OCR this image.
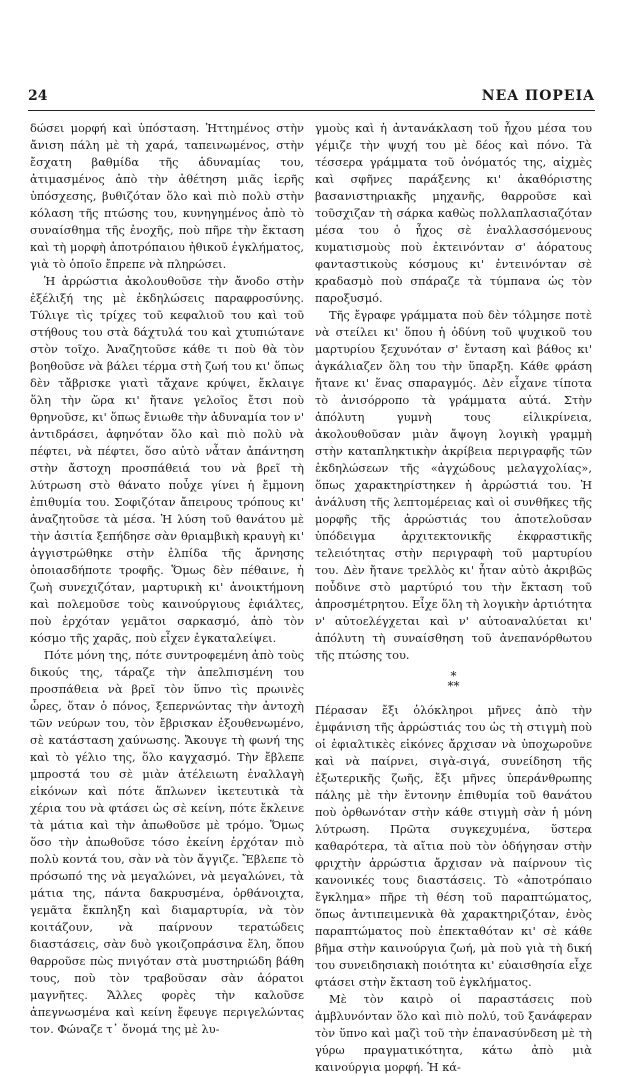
24	ΝΕΑ ΠΟΡΕΙΑ

δώσει μορφή καὶ ὑπόσταση. Ἡττημένος στὴν ἄνιση πάλη μὲ τὴ χαρά, ταπεινωμένος, στὴν ἔσχατη βαθμίδα τῆς ἀδυναμίας του, ἀτιμασμένος ἀπὸ τὴν ἀθέτηση μιᾶς ἱερῆς ὑπόσχεσης, βυθιζόταν ὅλο καὶ πιὸ πολὺ στὴν κόλαση τῆς πτώσης του, κυνηγημένος ἀπὸ τὸ συναίσθημα τῆς ἐνοχῆς, ποὺ πῆρε τὴν ἔκταση καὶ τὴ μορφὴ ἀποτρόπαιου ἠθικοῦ ἐγκλήματος, γιὰ τὸ ὁποῖο ἔπρεπε νὰ πληρώσει.

Ἡ ἀρρώστια ἀκολουθοῦσε τὴν ἄνοδο στὴν ἐξέλιξή της μὲ ἐκδηλώσεις παραφροσύνης. Τύλιγε τὶς τρίχες τοῦ κεφαλιοῦ του καὶ τοῦ στήθους του στὰ δάχτυλά του καὶ χτυπιώτανε στὸν τοῖχο. Ἀναζητοῦσε κάθε τι ποὺ θὰ τὸν βοηθοῦσε νὰ βάλει τέρμα στὴ ζωή του κι' ὅπως δὲν τἄβρισκε γιατὶ τἄχανε κρύψει, ἔκλαιγε ὅλη τὴν ὥρα κι' ἤτανε γελοῖος ἔτσι ποὺ θρηνοῦσε, κι' ὅπως ἔνιωθε τὴν ἀδυναμία τον ν' ἀντιδράσει, ἀφηνόταν ὅλο καὶ πιὸ πολὺ νὰ πέφτει, νὰ πέφτει, ὅσο αὐτὸ νἆταν ἀπάντηση στὴν ἄστοχη προσπάθειά του νὰ βρεῖ τὴ λύτρωση στὸ θάνατο ποὖχε γίνει ἡ ἔμμονη ἐπιθυμία του. Σοφιζόταν ἄπειρους τρόπους κι' ἀναζητοῦσε τὰ μέσα. Ἡ λύση τοῦ θανάτου μὲ τὴν ἀσιτία ξεπήδησε σὰν θριαμβικὴ κραυγὴ κι' ἀγγιστρώθηκε στὴν ἐλπίδα τῆς ἄρνησης ὁποιασδήποτε τροφῆς. Ὅμως δὲν πέθαινε, ἡ ζωὴ συνεχιζόταν, μαρτυρικὴ κι' ἀνοικτήμονη καὶ πολεμοῦσε τοὺς καινούργιους ἐφιάλτες, ποὺ ἐρχόταν γεμᾶτοι σαρκασμό, ἀπὸ τὸν κόσμο τῆς χαρᾶς, ποὺ εἶχεν ἐγκαταλείψει.

Πότε μόνη της, πότε συντροφεμένη ἀπὸ τοὺς δικούς της, τάραζε τὴν ἀπελπισμένη του προσπάθεια νὰ βρεῖ τὸν ὕπνο τὶς πρωινὲς ὧρες, ὅταν ὁ πόνος, ξεπερνώντας τὴν ἀντοχὴ τῶν νεύρων του, τὸν ἔβρισκαν ἐξουθενωμένο, σὲ κατάσταση χαύνωσης. Ἄκουγε τὴ φωνή της καὶ τὸ γέλιο της, ὅλο καγχασμό. Τὴν ἔβλεπε μπροστά του σὲ μιὰν ἀτέλειωτη ἐναλλαγὴ εἰκόνων καὶ πότε ἅπλωνεν ἱκετευτικὰ τὰ χέρια του νὰ φτάσει ὡς σὲ κείνη, πότε ἔκλεινε τὰ μάτια καὶ τὴν ἀπωθοῦσε μὲ τρόμο. Ὅμως ὅσο τὴν ἀπωθοῦσε τόσο ἐκείνη ἐρχόταν πιὸ πολὺ κοντά του, σὰν νὰ τὸν ἄγγιζε. Ἔβλεπε τὸ πρόσωπό της νὰ μεγαλώνει, νὰ μεγαλώνει, τὰ μάτια της, πάντα δακρυσμένα, ὀρθάνοιχτα, γεμᾶτα ἔκπληξη καὶ διαμαρτυρία, νὰ τὸν κοιτάζουν, νὰ παίρνουν τερατώδεις διαστάσεις, σὰν δυὸ γκοιζοπράσινα ἕλη, ὅπου θαρροῦσε πὼς πνιγόταν στὰ μυστηριώδη βάθη τους, ποὺ τὸν τραβοῦσαν σὰν ἀόρατοι μαγνῆτες. Ἄλλες φορὲς τὴν καλοῦσε ἀπεγνωσμένα καὶ κείνη ἔφευγε περιγελώντας τον. Φώναζε τ᾽ ὄνομά της μὲ λυ-

γμοὺς καὶ ἡ ἀντανάκλαση τοῦ ἦχου μέσα του γέμιζε τὴν ψυχή του μὲ δέος καὶ πόνο. Τὰ τέσσερα γράμματα τοῦ ὀνόματός της, αἰχμὲς καὶ σφῆνες παράξενης κι' ἀκαθόριστης βασανιστηριακῆς μηχανῆς, θαρροῦσε καὶ τοῦσχιζαν τὴ σάρκα καθὼς πολλαπλασιαζόταν μέσα του ὁ ἦχος σὲ ἐναλλασσόμενους κυματισμοὺς ποὺ ἐκτεινόνταν σ' ἀόρατους φανταστικοὺς κόσμους κι' ἐντεινόνταν σὲ κραδασμὸ ποὺ σπάραζε τὰ τύμπανα ὡς τὸν παροξυσμό.

Τῆς ἔγραφε γράμματα ποὺ δὲν τόλμησε ποτὲ νὰ στείλει κι' ὅπου ἡ ὀδύνη τοῦ ψυχικοῦ του μαρτυρίου ξεχυνόταν σ' ἔνταση καὶ βάθος κι' ἀγκάλιαζεν ὅλη του τὴν ὕπαρξη. Κάθε φράση ἤτανε κι' ἕνας σπαραγμός. Δὲν εἶχανε τίποτα τὸ ἀνισόρροπο τὰ γράμματα αὐτά. Στὴν ἀπόλυτη γυμνὴ τους εἰλικρίνεια, ἀκολουθοῦσαν μιὰν ἄψογη λογικὴ γραμμὴ στὴν καταπληκτικὴν ἀκρίβεια περιγραφῆς τῶν ἐκδηλώσεων τῆς «ἀγχώδους μελαγχολίας», ὅπως χαρακτηρίστηκεν ἡ ἀρρώστιά του. Ἡ ἀνάλυση τῆς λεπτομέρειας καὶ οἱ συνθῆκες τῆς μορφῆς τῆς ἀρρώστιάς του ἀποτελοῦσαν ὑπόδειγμα ἀρχιτεκτονικῆς ἐκφραστικῆς τελειότητας στὴν περιγραφὴ τοῦ μαρτυρίου του. Δὲν ἤτανε τρελλὸς κι' ἦταν αὐτὸ ἀκριβῶς ποὖδινε στὸ μαρτύριό του τὴν ἔκταση τοῦ ἀπροσμέτρητου. Εἶχε ὅλη τὴ λογικὴν ἀρτιότητα ν' αὐτοελέγχεται καὶ ν' αὐτοαναλύεται κι' ἀπόλυτη τὴ συναίσθηση τοῦ ἀνεπανόρθωτου τῆς πτώσης του.

*
**

Πέρασαν ἔξι ὁλόκληροι μῆνες ἀπὸ τὴν ἐμφάνιση τῆς ἀρρώστιάς του ὡς τὴ στιγμὴ ποὺ οἱ ἐφιαλτικὲς εἰκόνες ἄρχισαν νὰ ὑποχωροῦνε καὶ νὰ παίρνει, σιγὰ-σιγά, συνείδηση τῆς ἐξωτερικῆς ζωῆς, ἔξι μῆνες ὑπεράνθρωπης πάλης μὲ τὴν ἔντονην ἐπιθυμία τοῦ θανάτου ποὺ ὀρθωνόταν στὴν κάθε στιγμὴ σὰν ἡ μόνη λύτρωση. Πρῶτα συγκεχυμένα, ὕστερα καθαρότερα, τὰ αἴτια ποὺ τὸν ὁδήγησαν στὴν φριχτὴν ἀρρώστια ἄρχισαν νὰ παίρνουν τὶς κανονικές τους διαστάσεις. Τὸ «ἀποτρόπαιο ἔγκλημα» πῆρε τὴ θέση τοῦ παραπτώματος, ὅπως ἀντιπειμενικὰ θὰ χαρακτηριζόταν, ἑνὸς παραπτώματος ποὺ ἐπεκταθόταν κι' σὲ κάθε βῆμα στὴν καινούργια ζωή, μὰ ποὺ γιὰ τὴ δική του συνειδησιακὴ ποιότητα κι' εὐαισθησία εἶχε φτάσει στὴν ἔκταση τοῦ ἐγκλήματος.

Μὲ τὸν καιρὸ οἱ παραστάσεις ποὺ ἀμβλυνόνταν ὅλο καὶ πιὸ πολύ, τοῦ ξανάφεραν τὸν ὕπνο καὶ μαζὶ τοῦ τὴν ἐπανασύνδεση μὲ τὴ γύρω πραγματικότητα, κάτω ἀπὸ μιὰ καινούργια μορφή. Ἡ κά-
